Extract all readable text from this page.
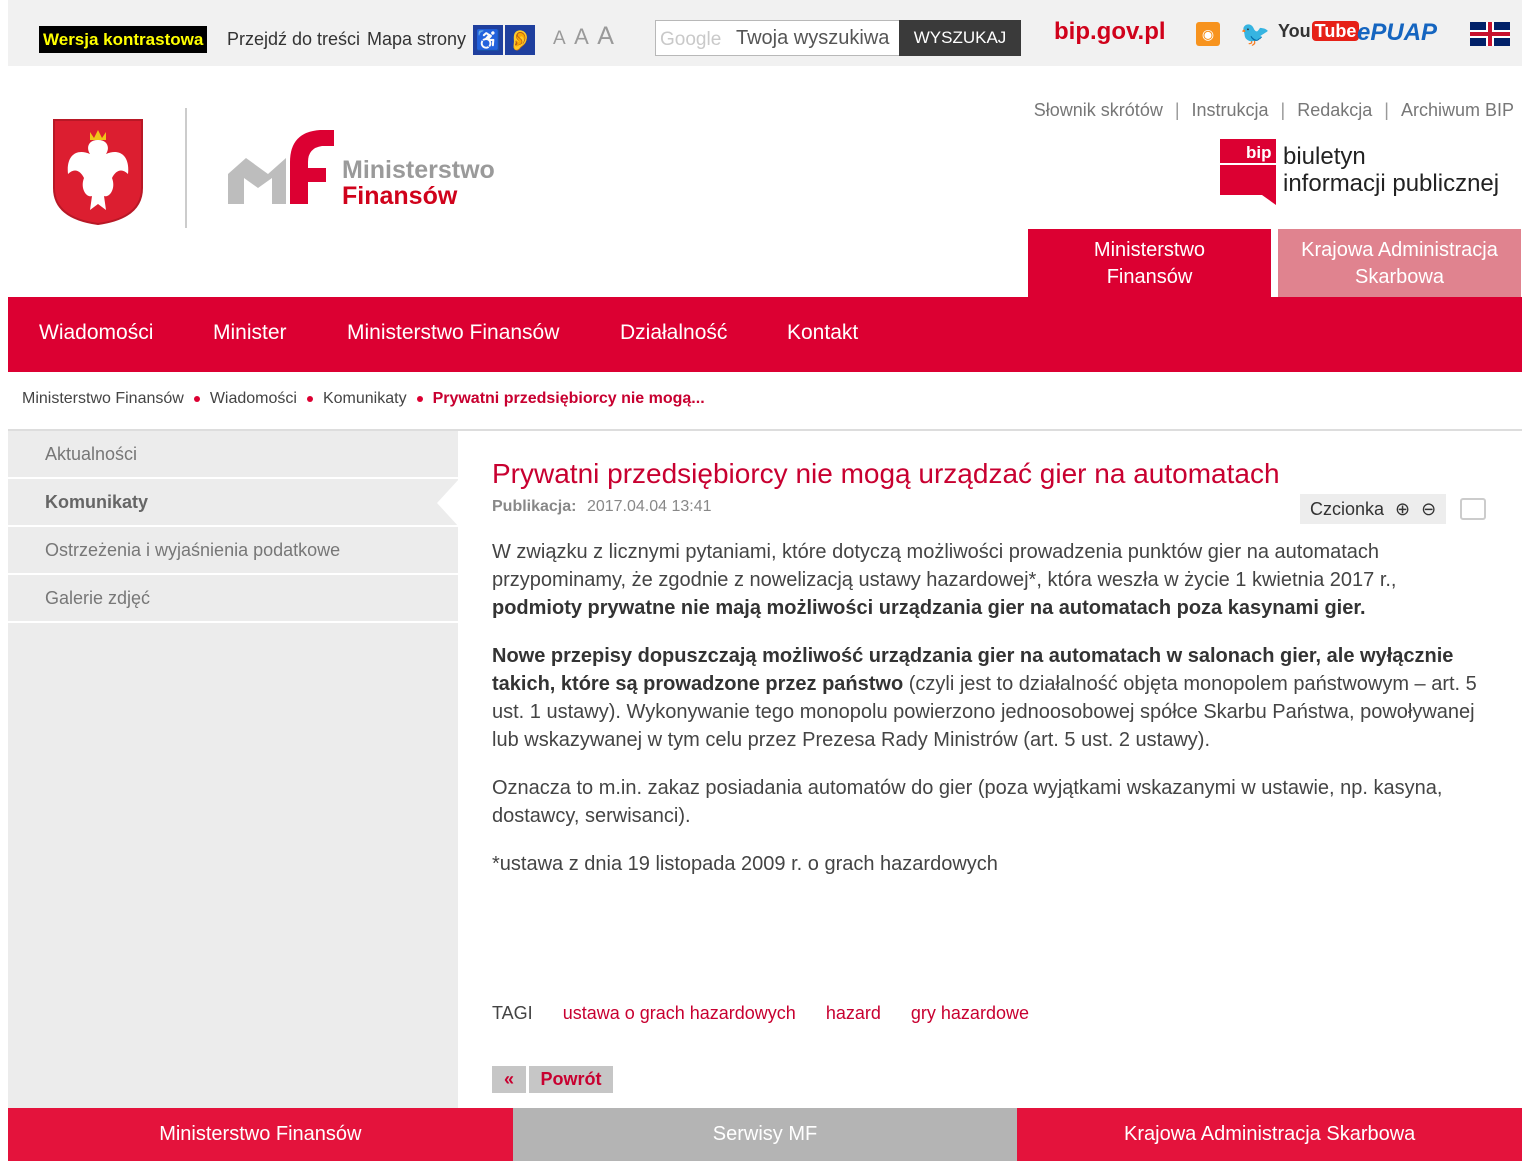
Wersja kontrastowa Przejdź do treści Mapa strony ♿ 👂 A A A Google
Twoja wyszukiwa	WYSZUKAJ	bip.gov.pl	◉ 🐦 You Tube ePUAP
Ministerstwo
Finansów
Słownik skrótów | Instrukcja | Redakcja | Archiwum BIP
bip biuletyn
informacji publicznej
Ministerstwo
Finansów
Krajowa Administracja
Skarbowa
Wiadomości	Minister	Ministerstwo Finansów	Działalność	Kontakt
Ministerstwo Finansów Wiadomości Komunikaty Prywatni przedsiębiorcy nie mogą...
Aktualności
Komunikaty
Ostrzeżenia i wyjaśnienia podatkowe
Galerie zdjęć
Prywatni przedsiębiorcy nie mogą urządzać gier na automatach
Publikacja: 2017.04.04 13:41	Czcionka ⊕ ⊖

W związku z licznymi pytaniami, które dotyczą możliwości prowadzenia punktów gier na automatach przypominamy, że zgodnie z nowelizacją ustawy hazardowej*, która weszła w życie 1 kwietnia 2017 r., podmioty prywatne nie mają możliwości urządzania gier na automatach poza kasynami gier.

Nowe przepisy dopuszczają możliwość urządzania gier na automatach w salonach gier, ale wyłącznie takich, które są prowadzone przez państwo (czyli jest to działalność objęta monopolem państwowym – art. 5 ust. 1 ustawy). Wykonywanie tego monopolu powierzono jednoosobowej spółce Skarbu Państwa, powoływanej lub wskazywanej w tym celu przez Prezesa Rady Ministrów (art. 5 ust. 2 ustawy).

Oznacza to m.in. zakaz posiadania automatów do gier (poza wyjątkami wskazanymi w ustawie, np. kasyna, dostawcy, serwisanci).

*ustawa z dnia 19 listopada 2009 r. o grach hazardowych

TAGI ustawa o grach hazardowych hazard gry hazardowe
«	Powrót
Ministerstwo Finansów	Serwisy MF	Krajowa Administracja Skarbowa
